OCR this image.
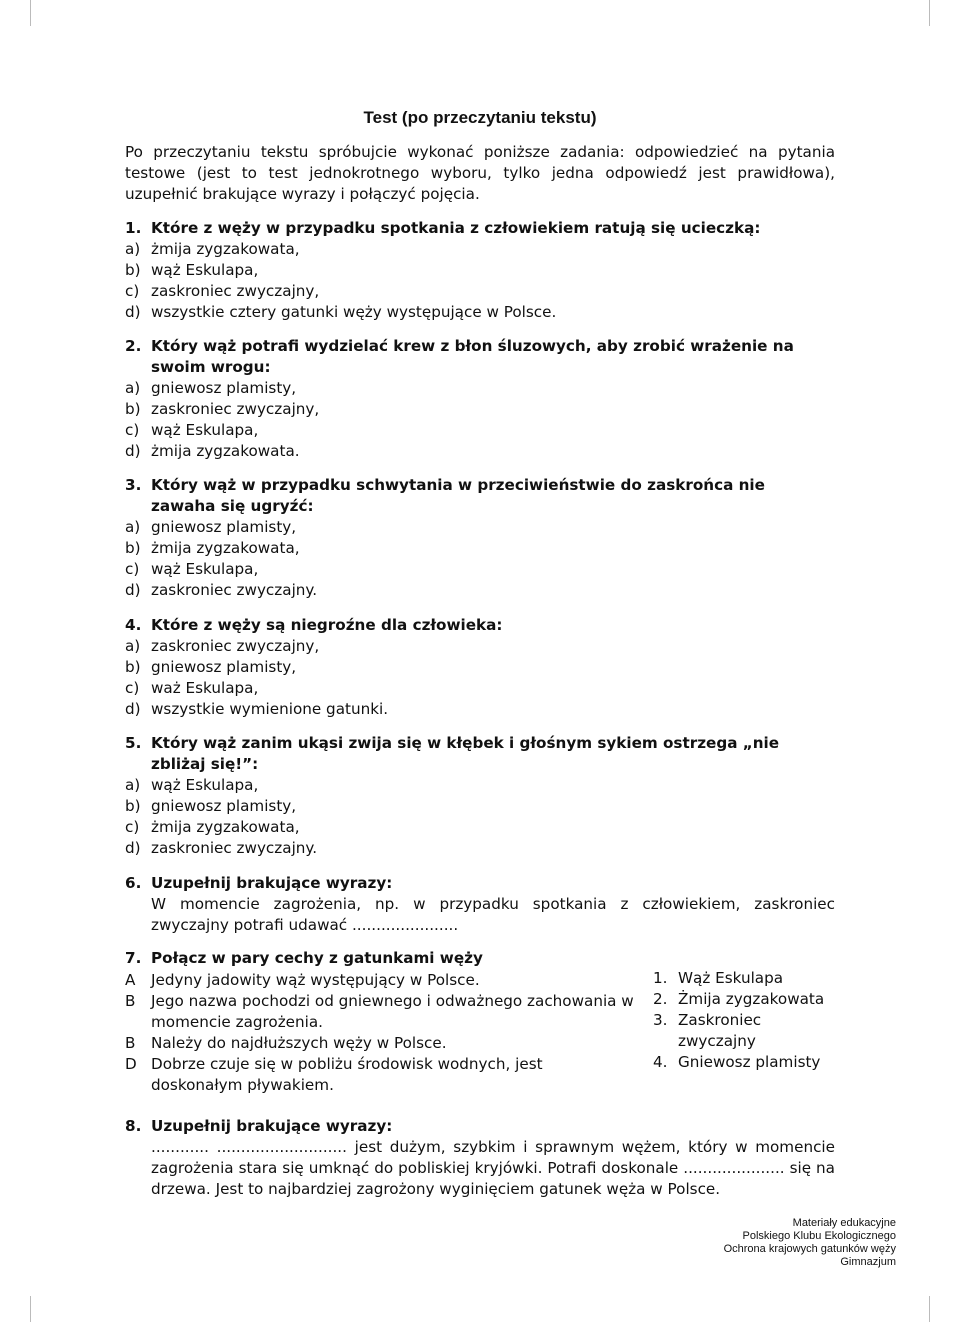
Test (po przeczytaniu tekstu)
Po przeczytaniu tekstu spróbujcie wykonać poniższe zadania: odpowiedzieć na pytania testowe (jest to test jednokrotnego wyboru, tylko jedna odpowiedź jest prawidłowa), uzupełnić brakujące wyrazy i połączyć pojęcia.
1. Które z węży w przypadku spotkania z człowiekiem ratują się ucieczką:
a) żmija zygzakowata,
b) wąż Eskulapa,
c) zaskroniec zwyczajny,
d) wszystkie cztery gatunki węży występujące w Polsce.
2. Który wąż potrafi wydzielać krew z błon śluzowych, aby zrobić wrażenie na swoim wrogu:
a) gniewosz plamisty,
b) zaskroniec zwyczajny,
c) wąż Eskulapa,
d) żmija zygzakowata.
3. Który wąż w przypadku schwytania w przeciwieństwie do zaskrońca nie zawaha się ugryźć:
a) gniewosz plamisty,
b) żmija zygzakowata,
c) wąż Eskulapa,
d) zaskroniec zwyczajny.
4. Które z węży są niegroźne dla człowieka:
a) zaskroniec zwyczajny,
b) gniewosz plamisty,
c) waż Eskulapa,
d) wszystkie wymienione gatunki.
5. Który wąż zanim ukąsi zwija się w kłębek i głośnym sykiem ostrzega „nie zbliżaj się!”:
a) wąż Eskulapa,
b) gniewosz plamisty,
c) żmija zygzakowata,
d) zaskroniec zwyczajny.
6. Uzupełnij brakujące wyrazy:
W momencie zagrożenia, np. w przypadku spotkania z człowiekiem, zaskroniec zwyczajny potrafi udawać ......................
7. Połącz w pary cechy z gatunkami węży
A	Jedyny jadowity wąż występujący w Polsce.
B	Jego nazwa pochodzi od gniewnego i odważnego zachowania w momencie zagrożenia.
B	Należy do najdłuższych węży w Polsce.
D Dobrze czuje się w pobliżu środowisk wodnych, jest doskonałym pływakiem.
1. Wąż Eskulapa
2. Żmija zygzakowata
3. Zaskroniec zwyczajny
4. Gniewosz plamisty
8. Uzupełnij brakujące wyrazy:
............ ........................... jest dużym, szybkim i sprawnym wężem, który w momencie zagrożenia stara się umknąć do pobliskiej kryjówki. Potrafi doskonale ..................... się na drzewa. Jest to najbardziej zagrożony wyginięciem gatunek węża w Polsce.
Materiały edukacyjne
Polskiego Klubu Ekologicznego
Ochrona krajowych gatunków węży
Gimnazjum
